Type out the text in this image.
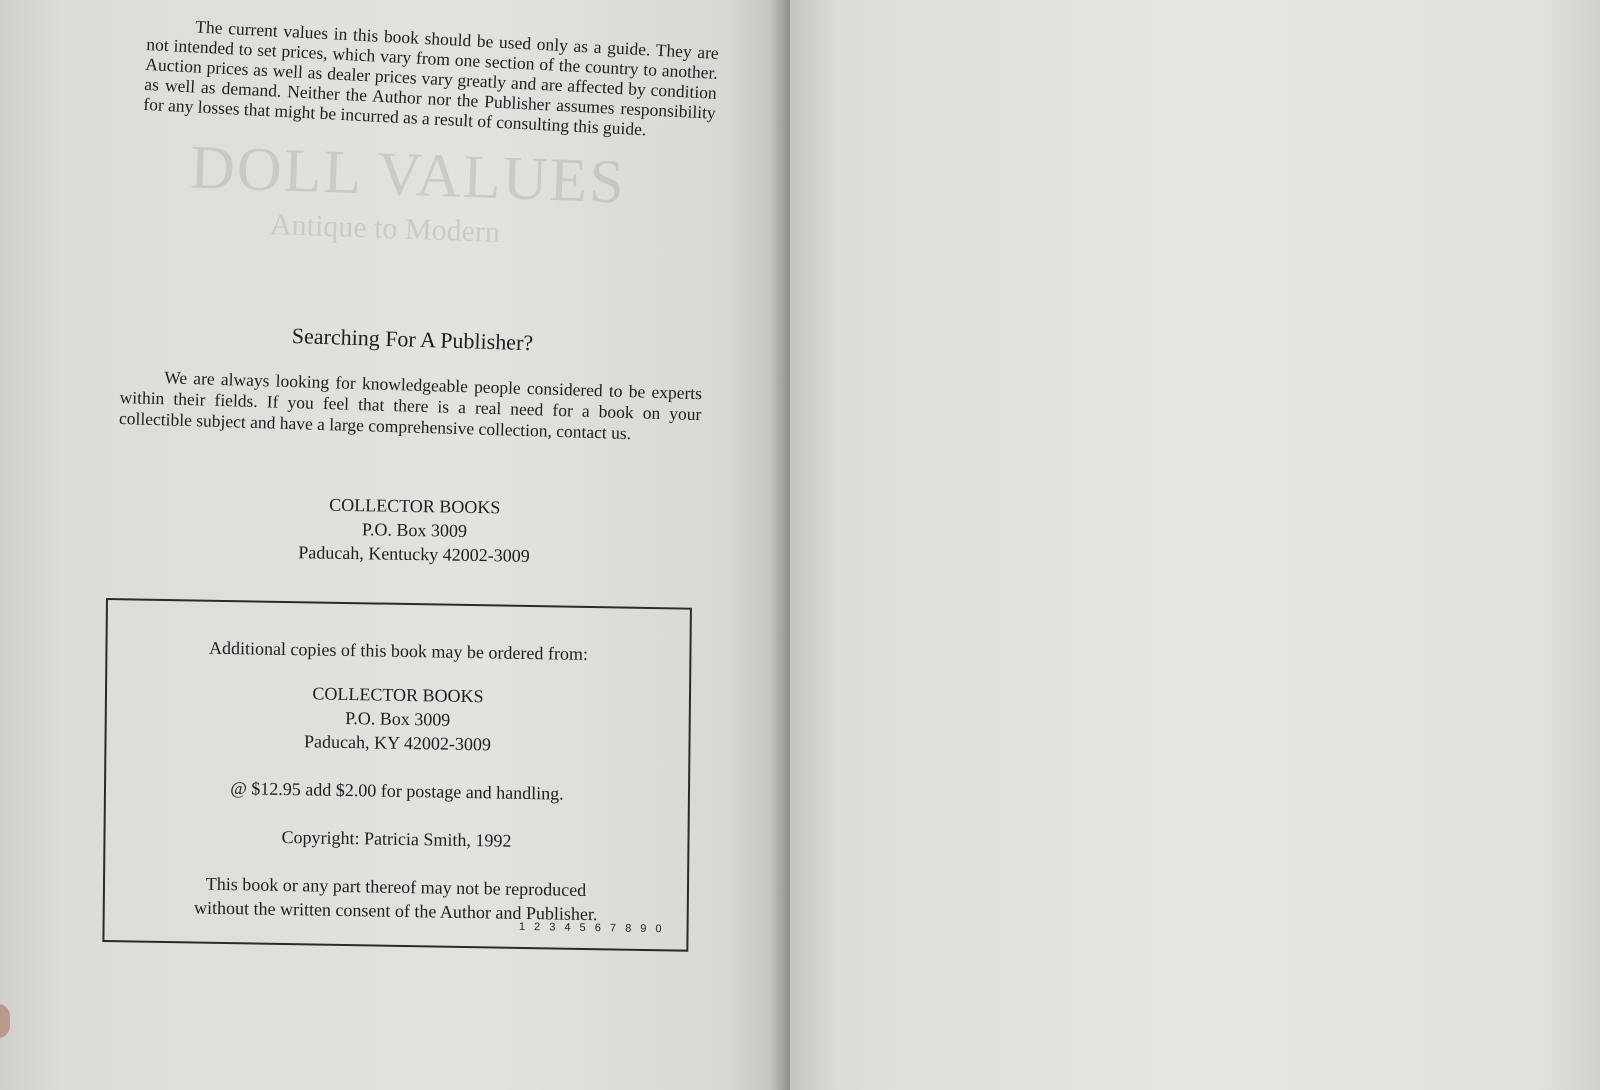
DOLL VALUES
Antique to Modern

The current values in this book should be used only as a guide. They are not intended to set prices, which vary from one section of the country to another. Auction prices as well as dealer prices vary greatly and are affected by condition as well as demand. Neither the Author nor the Publisher assumes responsibility for any losses that might be incurred as a result of consulting this guide.

Searching For A Publisher?

We are always looking for knowledgeable people considered to be experts within their fields. If you feel that there is a real need for a book on your collectible subject and have a large comprehensive collection, contact us.

COLLECTOR BOOKS
P.O. Box 3009
Paducah, Kentucky 42002-3009
Additional copies of this book may be ordered from:
COLLECTOR BOOKS
P.O. Box 3009
Paducah, KY 42002-3009
@ $12.95 add $2.00 for postage and handling.
Copyright: Patricia Smith, 1992
This book or any part thereof may not be reproduced
without the written consent of the Author and Publisher.
1 2 3 4 5 6 7 8 9 0
